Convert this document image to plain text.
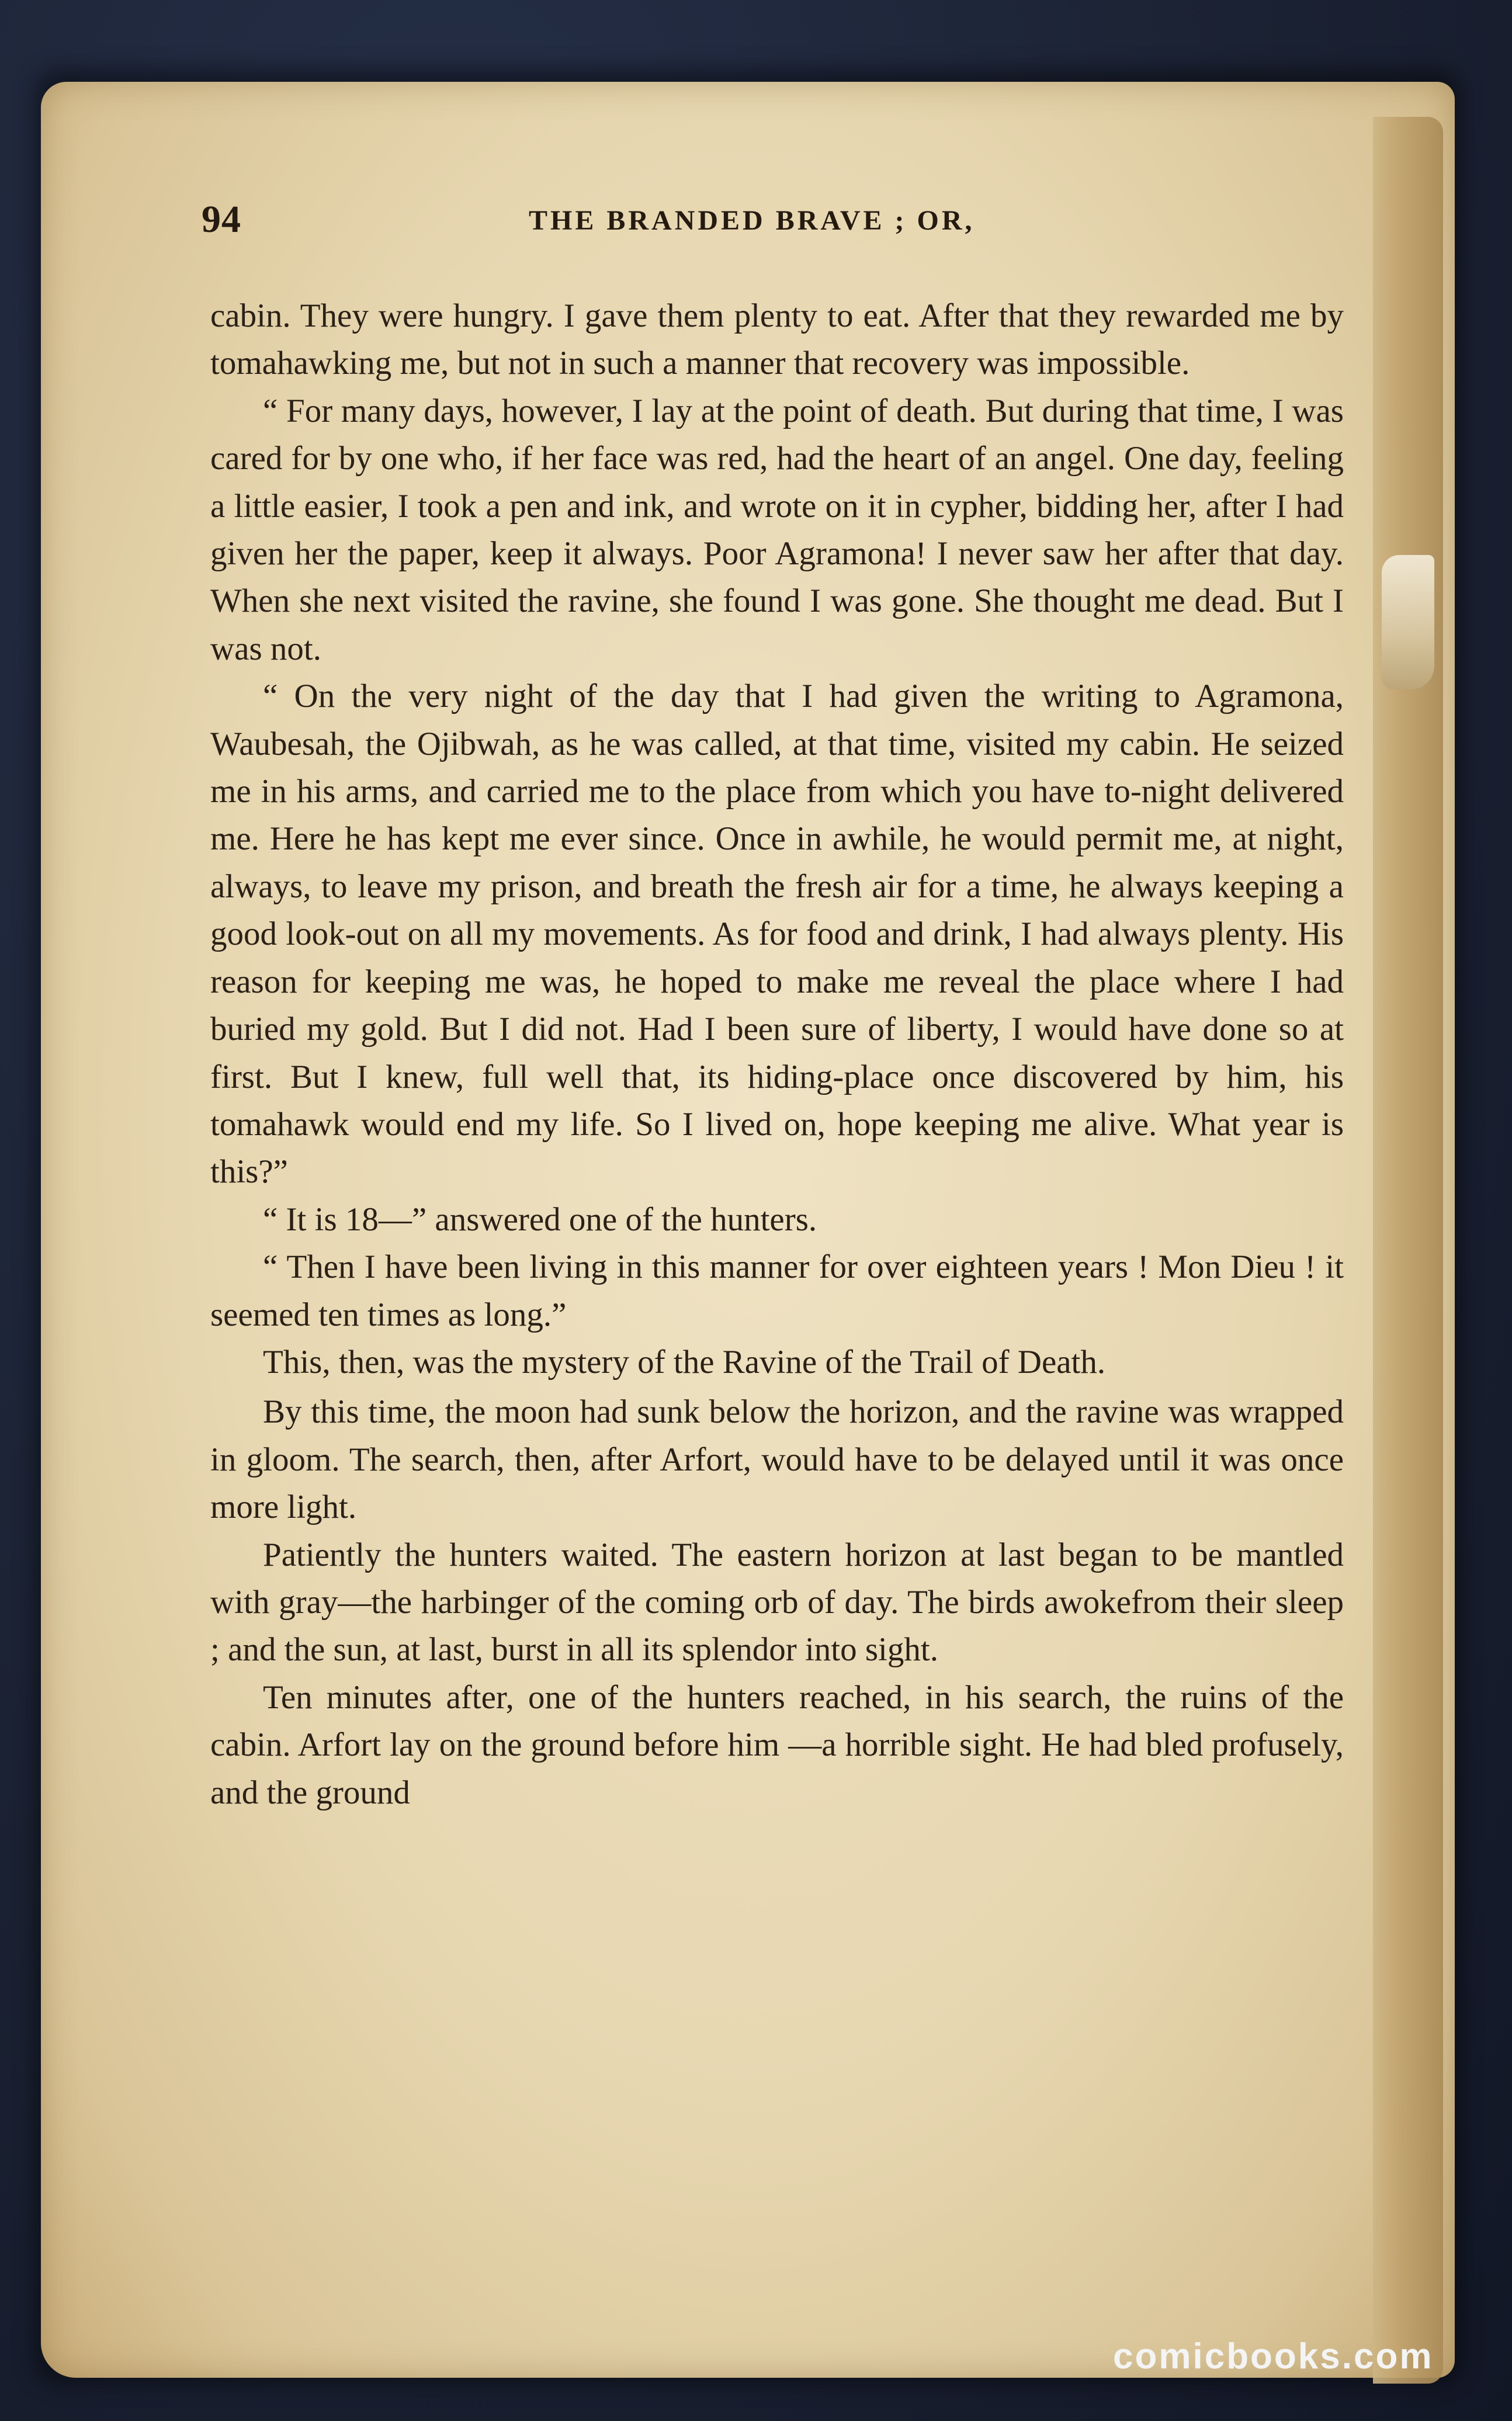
94	THE BRANDED BRAVE ; OR,

cabin. They were hungry. I gave them plenty to eat. After that they rewarded me by tomahawking me, but not in such a manner that recovery was impossible.

“ For many days, however, I lay at the point of death. But during that time, I was cared for by one who, if her face was red, had the heart of an angel. One day, feeling a little easier, I took a pen and ink, and wrote on it in cypher, bidding her, after I had given her the paper, keep it always. Poor Agramona! I never saw her after that day. When she next visited the ravine, she found I was gone. She thought me dead. But I was not.

“ On the very night of the day that I had given the writing to Agramona, Waubesah, the Ojibwah, as he was called, at that time, visited my cabin. He seized me in his arms, and carried me to the place from which you have to-night delivered me. Here he has kept me ever since. Once in awhile, he would permit me, at night, always, to leave my prison, and breath the fresh air for a time, he always keeping a good look-out on all my movements. As for food and drink, I had always plenty. His reason for keeping me was, he hoped to make me reveal the place where I had buried my gold. But I did not. Had I been sure of liberty, I would have done so at first. But I knew, full well that, its hiding-place once discovered by him, his tomahawk would end my life. So I lived on, hope keeping me alive. What year is this?”

“ It is 18—” answered one of the hunters.

“ Then I have been living in this manner for over eighteen years ! Mon Dieu ! it seemed ten times as long.”

This, then, was the mystery of the Ravine of the Trail of Death.

By this time, the moon had sunk below the horizon, and the ravine was wrapped in gloom. The search, then, after Arfort, would have to be delayed until it was once more light.

Patiently the hunters waited. The eastern horizon at last began to be mantled with gray—the harbinger of the coming orb of day. The birds awokefrom their sleep ; and the sun, at last, burst in all its splendor into sight.

Ten minutes after, one of the hunters reached, in his search, the ruins of the cabin. Arfort lay on the ground before him —a horrible sight. He had bled profusely, and the ground

comicbooks.com
